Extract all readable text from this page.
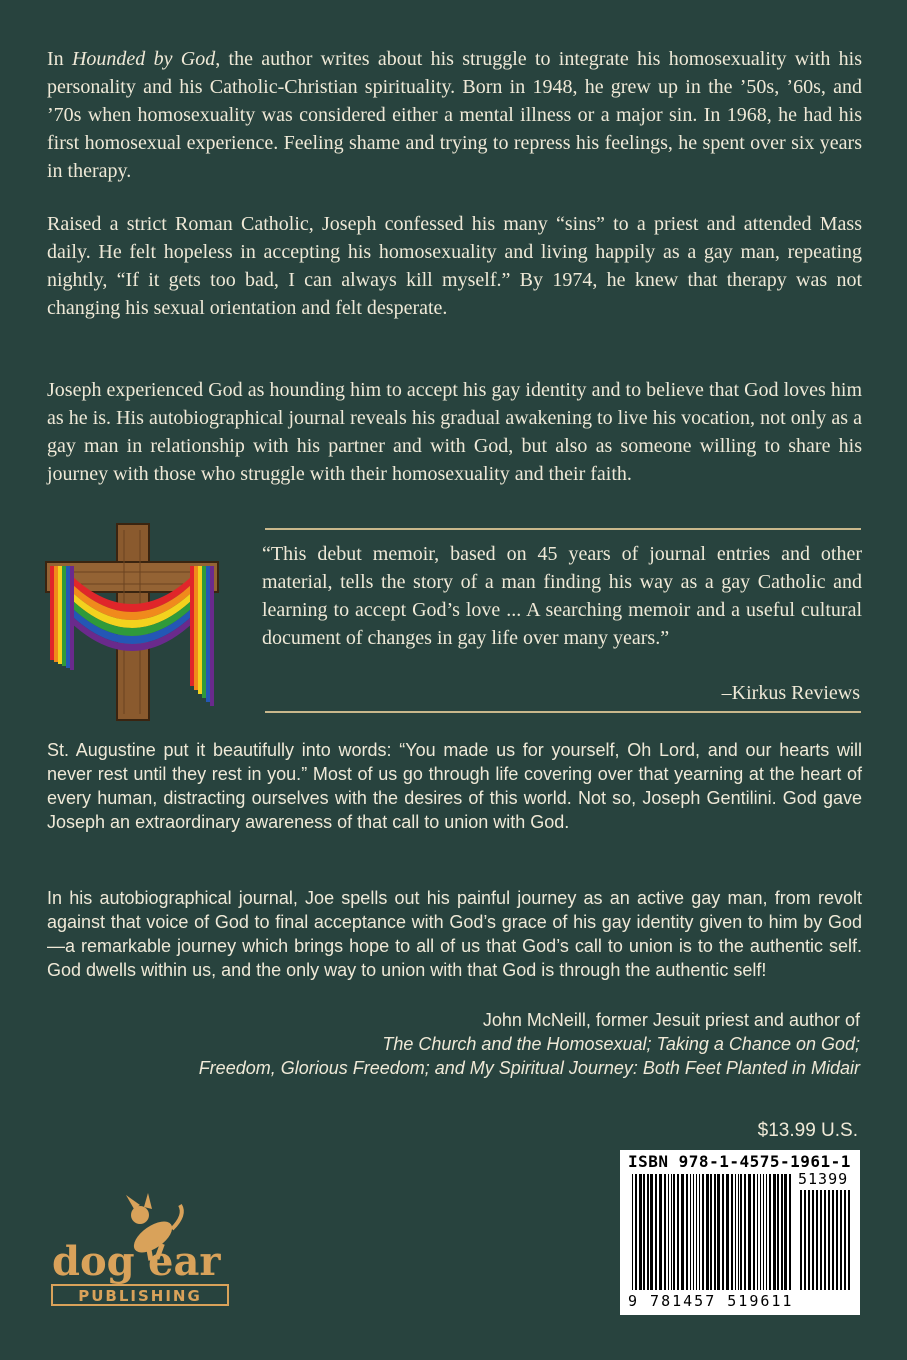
In Hounded by God, the author writes about his struggle to integrate his homosexuality with his personality and his Catholic-Christian spirituality. Born in 1948, he grew up in the ’50s, ’60s, and ’70s when homosexuality was considered either a mental illness or a major sin. In 1968, he had his first homosexual experience. Feeling shame and trying to repress his feelings, he spent over six years in therapy.

Raised a strict Roman Catholic, Joseph confessed his many “sins” to a priest and attended Mass daily. He felt hopeless in accepting his homosexuality and living happily as a gay man, repeating nightly, “If it gets too bad, I can always kill myself.” By 1974, he knew that therapy was not changing his sexual orientation and felt desperate.

Joseph experienced God as hounding him to accept his gay identity and to believe that God loves him as he is. His autobiographical journal reveals his gradual awakening to live his vocation, not only as a gay man in relationship with his partner and with God, but also as someone willing to share his journey with those who struggle with their homosexuality and their faith.

“This debut memoir, based on 45 years of journal entries and other material, tells the story of a man finding his way as a gay Catholic and learning to accept God’s love ... A searching memoir and a useful cultural document of changes in gay life over many years.”

–Kirkus Reviews

St. Augustine put it beautifully into words: “You made us for yourself, Oh Lord, and our hearts will never rest until they rest in you.” Most of us go through life covering over that yearning at the heart of every human, distracting ourselves with the desires of this world. Not so, Joseph Gentilini. God gave Joseph an extraordinary awareness of that call to union with God.

In his autobiographical journal, Joe spells out his painful journey as an active gay man, from revolt against that voice of God to final acceptance with God’s grace of his gay identity given to him by God—a remarkable journey which brings hope to all of us that God’s call to union is to the authentic self. God dwells within us, and the only way to union with that God is through the authentic self!

John McNeill, former Jesuit priest and author of

The Church and the Homosexual; Taking a Chance on God;

Freedom, Glorious Freedom; and My Spiritual Journey: Both Feet Planted in Midair

$13.99 U.S.

ISBN 978-1-4575-1961-1

51399

9 781457 519611

dog ear
PUBLISHING
